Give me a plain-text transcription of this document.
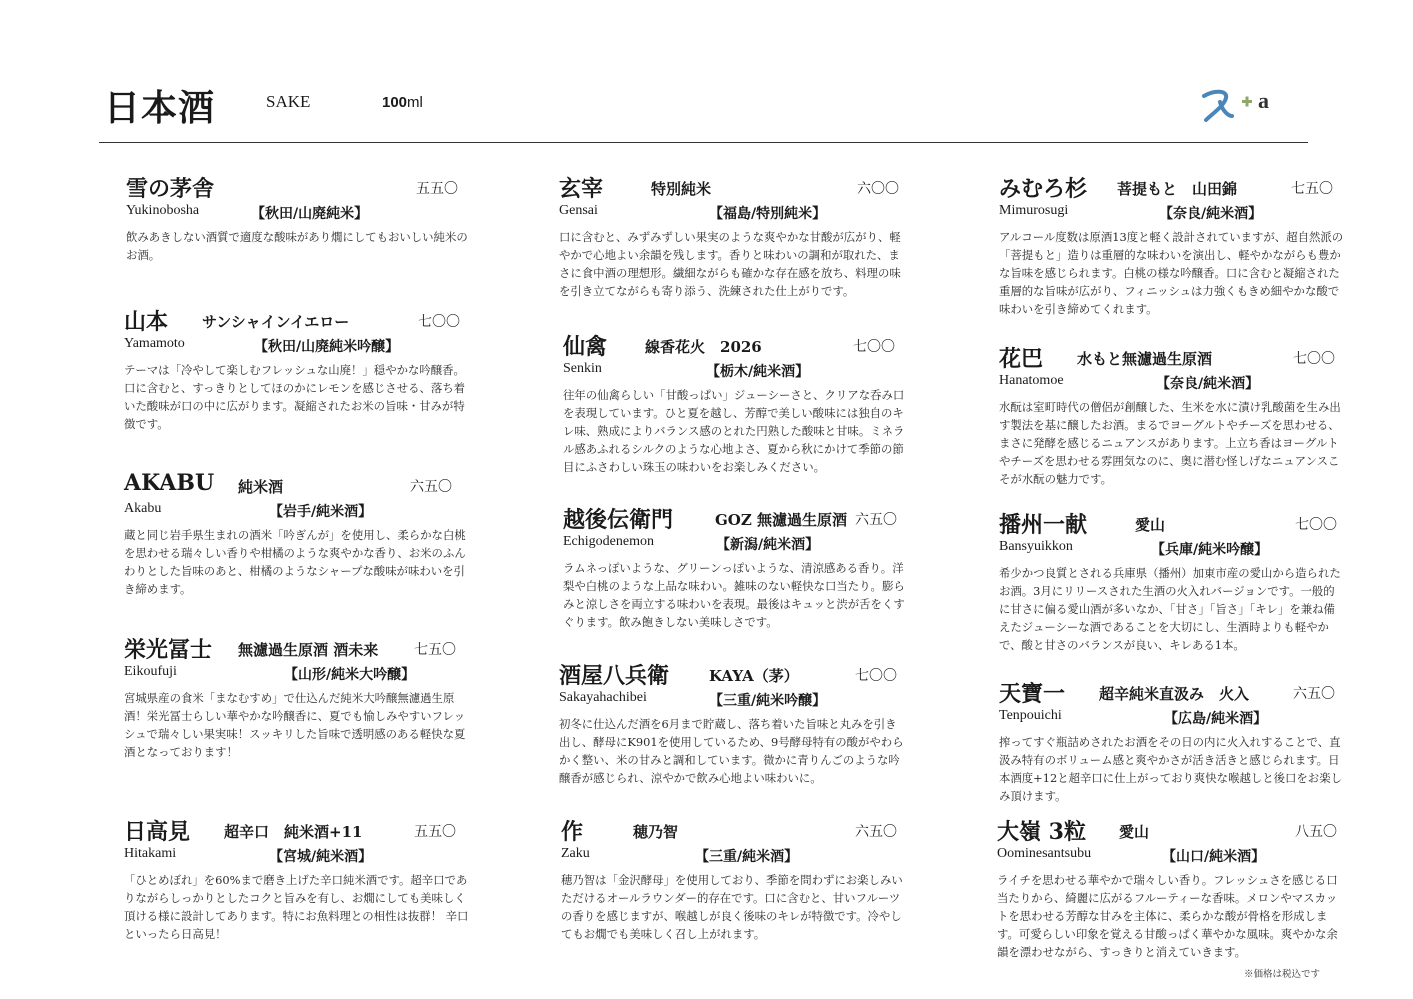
日本酒	SAKE	100ml	a
雪の茅舎	五五〇
Yukinobosha	【秋田/山廃純米】
飲みあきしない酒質で適度な酸味があり燗にしてもおいしい純米のお酒。
山本 サンシャインイエロー	七〇〇
Yamamoto	【秋田/山廃純米吟醸】
テーマは「冷やして楽しむフレッシュな山廃！」穏やかな吟醸香。口に含むと、すっきりとしてほのかにレモンを感じさせる、落ち着いた酸味が口の中に広がります。凝縮されたお米の旨味・甘みが特徴です。
AKABU 純米酒	六五〇
Akabu	【岩手/純米酒】
蔵と同じ岩手県生まれの酒米「吟ぎんが」を使用し、柔らかな白桃を思わせる瑞々しい香りや柑橘のような爽やかな香り、お米のふんわりとした旨味のあと、柑橘のようなシャープな酸味が味わいを引き締めます。
栄光冨士 無濾過生原酒 酒未来	七五〇
Eikoufuji	【山形/純米大吟醸】
宮城県産の食米「まなむすめ」で仕込んだ純米大吟醸無濾過生原酒！栄光冨士らしい華やかな吟醸香に、夏でも愉しみやすいフレッシュで瑞々しい果実味！スッキリした旨味で透明感のある軽快な夏酒となっております！
日高見 超辛口　純米酒+11	五五〇
Hitakami	【宮城/純米酒】
「ひとめぼれ」を60%まで磨き上げた辛口純米酒です。超辛口でありながらしっかりとしたコクと旨みを有し、お燗にしても美味しく頂ける様に設計してあります。特にお魚料理との相性は抜群！ 辛口といったら日高見！
玄宰	特別純米	六〇〇
Gensai	【福島/特別純米】
口に含むと、みずみずしい果実のような爽やかな甘酸が広がり、軽やかで心地よい余韻を残します。香りと味わいの調和が取れた、まさに食中酒の理想形。繊細ながらも確かな存在感を放ち、料理の味を引き立てながらも寄り添う、洗練された仕上がりです。
仙禽	線香花火　2026	七〇〇
Senkin	【栃木/純米酒】
往年の仙禽らしい「甘酸っぱい」ジューシーさと、クリアな呑み口を表現しています。ひと夏を越し、芳醇で美しい酸味には独自のキレ味、熟成によりバランス感のとれた円熟した酸味と甘味。ミネラル感あふれるシルクのような心地よさ、夏から秋にかけて季節の節目にふさわしい珠玉の味わいをお楽しみください。
越後伝衛門	GOZ 無濾過生原酒 六五〇
Echigodenemon	【新潟/純米酒】
ラムネっぽいような、グリーンっぽいような、清涼感ある香り。洋梨や白桃のような上品な味わい。雑味のない軽快な口当たり。膨らみと涼しさを両立する味わいを表現。最後はキュッと渋が舌をくすぐります。飲み飽きしない美味しさです。
酒屋八兵衛	KAYA（茅）	七〇〇
Sakayahachibei	【三重/純米吟醸】
初冬に仕込んだ酒を6月まで貯蔵し、落ち着いた旨味と丸みを引き出し、酵母にK901を使用しているため、9号酵母特有の酸がやわらかく整い、米の甘みと調和しています。微かに青りんごのような吟醸香が感じられ、涼やかで飲み心地よい味わいに。
作	穂乃智	六五〇
Zaku	【三重/純米酒】
穂乃智は「金沢酵母」を使用しており、季節を問わずにお楽しみいただけるオールラウンダー的存在です。口に含むと、甘いフルーツの香りを感じますが、喉越しが良く後味のキレが特徴です。冷やしてもお燗でも美味しく召し上がれます。
みむろ杉 菩提もと　山田錦	七五〇
Mimurosugi	【奈良/純米酒】
アルコール度数は原酒13度と軽く設計されていますが、超自然派の「菩提もと」造りは重層的な味わいを演出し、軽やかながらも豊かな旨味を感じられます。白桃の様な吟醸香。口に含むと凝縮された重層的な旨味が広がり、フィニッシュは力強くもきめ細やかな酸で味わいを引き締めてくれます。
花巴 水もと無濾過生原酒	七〇〇
Hanatomoe	【奈良/純米酒】
水酛は室町時代の僧侶が創醸した、生米を水に漬け乳酸菌を生み出す製法を基に醸したお酒。まるでヨーグルトやチーズを思わせる、まさに発酵を感じるニュアンスがあります。上立ち香はヨーグルトやチーズを思わせる雰囲気なのに、奥に潜む怪しげなニュアンスこそが水酛の魅力です。
播州一献	愛山	七〇〇
Bansyuikkon	【兵庫/純米吟醸】
希少かつ良質とされる兵庫県（播州）加東市産の愛山から造られたお酒。3月にリリースされた生酒の火入れバージョンです。一般的に甘さに偏る愛山酒が多いなか、「甘さ」「旨さ」「キレ」を兼ね備えたジューシーな酒であることを大切にし、生酒時よりも軽やかで、酸と甘さのバランスが良い、キレある1本。
天寶一 超辛純米直汲み　火入	六五〇
Tenpouichi	【広島/純米酒】
搾ってすぐ瓶詰めされたお酒をその日の内に火入れすることで、直汲み特有のボリューム感と爽やかさが活き活きと感じられます。日本酒度+12と超辛口に仕上がっており爽快な喉越しと後口をお楽しみ頂けます。
大嶺 3粒 愛山	八五〇
Oominesantsubu	【山口/純米酒】
ライチを思わせる華やかで瑞々しい香り。フレッシュさを感じる口当たりから、綺麗に広がるフルーティーな香味。メロンやマスカットを思わせる芳醇な甘みを主体に、柔らかな酸が骨格を形成します。可愛らしい印象を覚える甘酸っぱく華やかな風味。爽やかな余韻を漂わせながら、すっきりと消えていきます。
※価格は税込です
